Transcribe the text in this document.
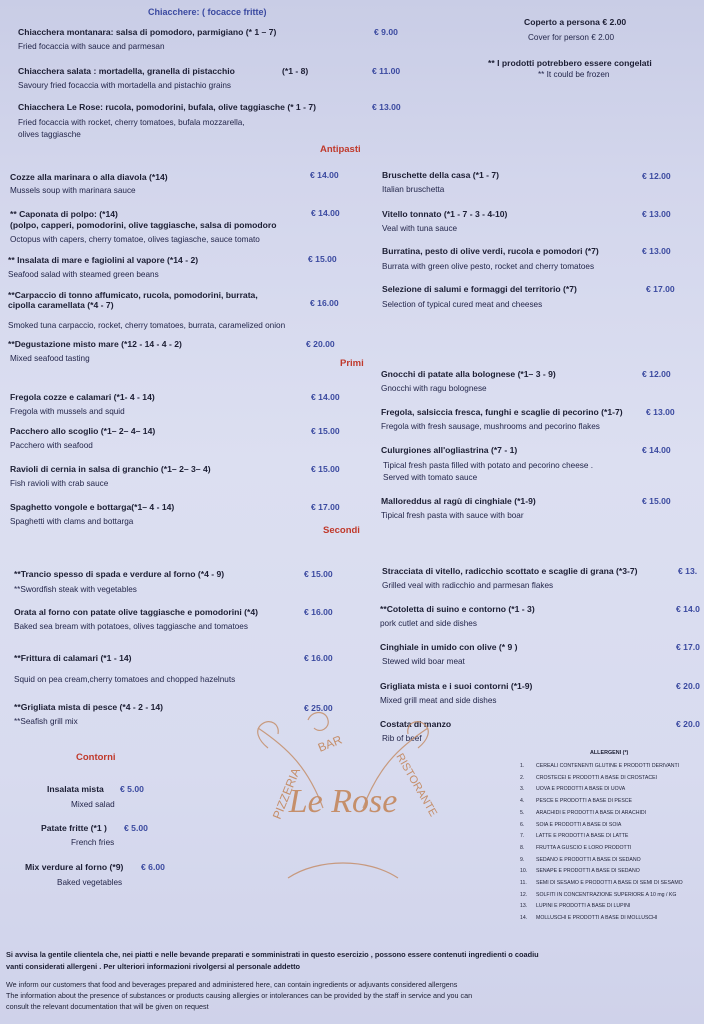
Chiacchere: ( focacce fritte)
Chiacchera montanara: salsa di pomodoro, parmigiano (* 1 – 7)	€ 9.00
Fried focaccia with sauce and parmesan
Chiacchera salata : mortadella, granella di pistacchio	(*1 - 8)	€ 11.00
Savoury fried focaccia with mortadella and pistachio grains
Chiacchera Le Rose: rucola, pomodorini, bufala, olive taggiasche (* 1 - 7)	€ 13.00
Fried focaccia with rocket, cherry tomatoes, bufala mozzarella,
olives taggiasche
Coperto a persona € 2.00
Cover for person € 2.00
** I prodotti potrebbero essere congelati
** It could be frozen
Antipasti
Cozze alla marinara o alla diavola (*14)	€ 14.00
Mussels soup with marinara sauce
** Caponata di polpo: (*14)	€ 14.00
(polpo, capperi, pomodorini, olive taggiasche, salsa di pomodoro
Octopus with capers, cherry tomatoe, olives tagiasche, sauce tomato
** Insalata di mare e fagiolini al vapore (*14 - 2)	€ 15.00
Seafood salad with steamed green beans
**Carpaccio di tonno affumicato, rucola, pomodorini, burrata,
cipolla caramellata (*4 - 7)	€ 16.00
Smoked tuna carpaccio, rocket, cherry tomatoes, burrata, caramelized onion
**Degustazione misto mare (*12 - 14 - 4 - 2)	€ 20.00
Mixed seafood tasting
Bruschette della casa (*1 - 7)	€ 12.00
Italian bruschetta
Vitello tonnato (*1 - 7 - 3 - 4-10)	€ 13.00
Veal with tuna sauce
Burratina, pesto di olive verdi, rucola e pomodori (*7)	€ 13.00
Burrata with green olive pesto, rocket and cherry tomatoes
Selezione di salumi e formaggi del territorio (*7)	€ 17.00
Selection of typical cured meat and cheeses
Primi
Fregola cozze e calamari (*1- 4 - 14)	€ 14.00
Fregola with mussels and squid
Pacchero allo scoglio (*1– 2– 4– 14)	€ 15.00
Pacchero with seafood
Ravioli di cernia in salsa di granchio (*1– 2– 3– 4)	€ 15.00
Fish ravioli with crab sauce
Spaghetto vongole e bottarga(*1– 4 - 14)	€ 17.00
Spaghetti with clams and bottarga
Gnocchi di patate alla bolognese (*1– 3 - 9)	€ 12.00
Gnocchi with ragu bolognese
Fregola, salsiccia fresca, funghi e scaglie di pecorino (*1-7)	€ 13.00
Fregola with fresh sausage, mushrooms and pecorino flakes
Culurgiones all'ogliastrina (*7 - 1)	€ 14.00
Tipical fresh pasta filled with potato and pecorino cheese .
Served with tomato sauce
Malloreddus al ragù di cinghiale (*1-9)	€ 15.00
Tipical fresh pasta with sauce with boar
Secondi
**Trancio spesso di spada e verdure al forno (*4 - 9)	€ 15.00
**Swordfish steak with vegetables
Orata al forno con patate olive taggiasche e pomodorini (*4)	€ 16.00
Baked sea bream with potatoes, olives taggiasche and tomatoes
**Frittura di calamari (*1 - 14)	€ 16.00
Squid on pea cream,cherry tomatoes and chopped hazelnuts
**Grigliata mista di pesce (*4 - 2 - 14)	€ 25.00
**Seafish grill mix
Stracciata di vitello, radicchio scottato e scaglie di grana (*3-7)	€ 13.
Grilled veal with radicchio and parmesan flakes
**Cotoletta di suino e contorno (*1 - 3)	€ 14.0
pork cutlet and side dishes
Cinghiale in umido con olive (* 9 )	€ 17.0
Stewed wild boar meat
Grigliata mista e i suoi contorni (*1-9)	€ 20.0
Mixed grill meat and side dishes
Costata di manzo	€ 20.0
Rib of beef
Contorni
Insalata mista € 5.00
Mixed salad
Patate fritte (*1 ) € 5.00
French fries
Mix verdure al forno (*9) € 6.00
Baked vegetables
Le Rose
PIZZERIA
BAR
RISTORANTE	ALLERGENI (*)
1.	CEREALI CONTENENTI GLUTINE E PRODOTTI DERIVANTI
2.	CROSTECEI E PRODOTTI A BASE DI CROSTACEI
3.	UOVA E PRODOTTI A BASE DI UOVA
4.	PESCE E PRODOTTI A BASE DI PESCE
5.	ARACHIDI E PRODOTTI A BASE DI ARACHIDI
6.	SOIA E PRODOTTI A BASE DI SOIA
7.	LATTE E PRODOTTI A BASE DI LATTE
8.	FRUTTA A GUSCIO E LORO PRODOTTI
9.	SEDANO E PRODOTTI A BASE DI SEDANO
10.	SENAPE E PRODOTTI A BASE DI SEDANO
11.	SEMI DI SESAMO E PRODOTTI A BASE DI SEMI DI SESAMO
12.	SOLFITI IN CONCENTRAZIONE SUPERIORE A 10 mg / KG
13.	LUPINI E PRODOTTI A BASE DI LUPINI
14.	MOLLUSCHI E PRODOTTI A BASE DI MOLLUSCHI
Si avvisa la gentile clientela che, nei piatti e nelle bevande preparati e somministrati in questo esercizio , possono essere contenuti ingredienti o coadiu
vanti considerati allergeni . Per ulteriori informazioni rivolgersi al personale addetto
We inform our customers that food and beverages prepared and administered here, can contain ingredients or adjuvants considered allergens
The information about the presence of substances or products causing allergies or intolerances can be provided by the staff in service and you can
consult the relevant documentation that will be given on request
